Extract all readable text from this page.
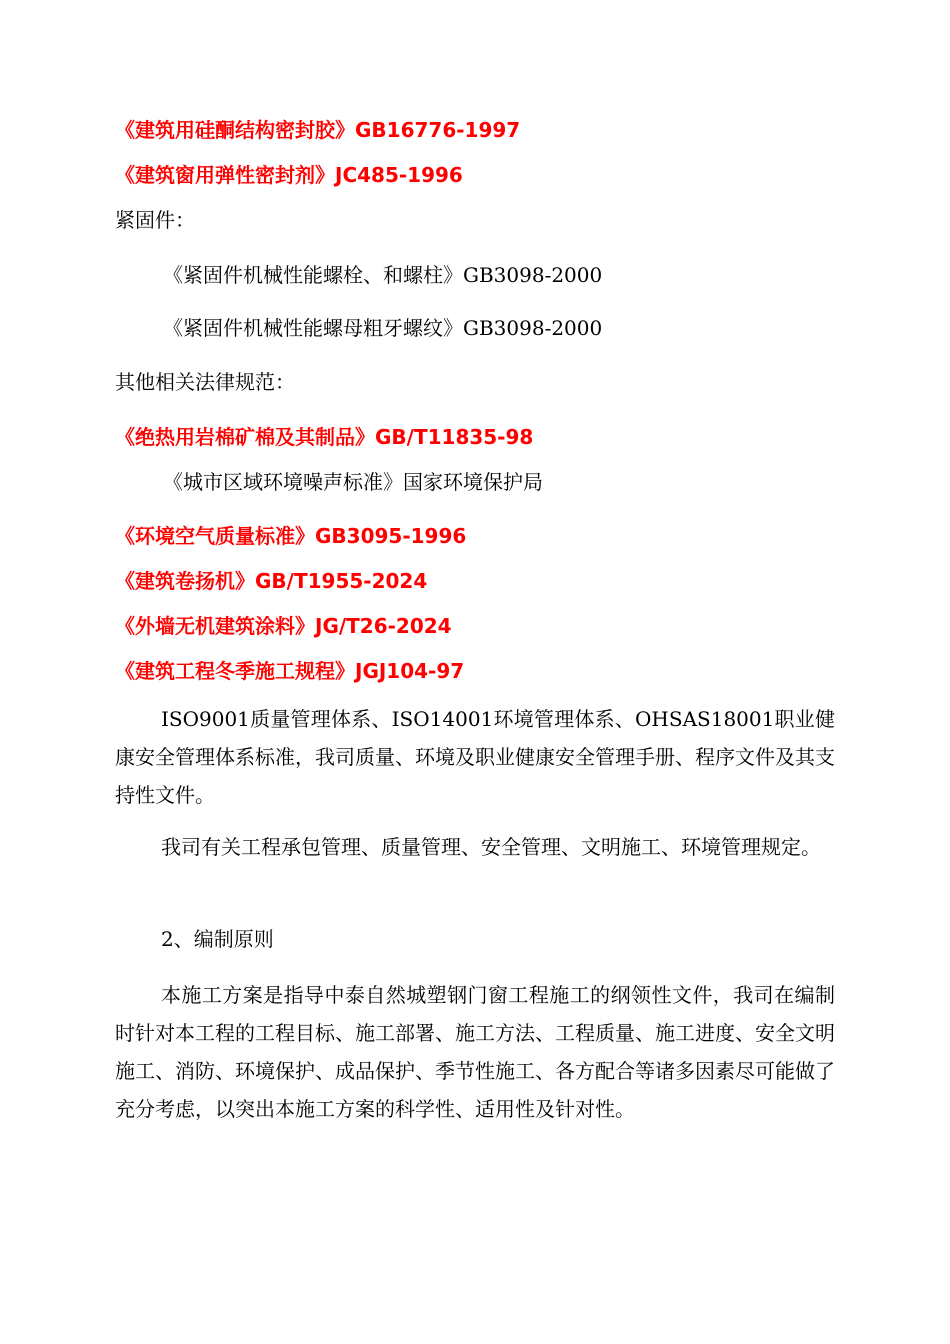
《建筑用硅酮结构密封胶》GB16776-1997
《建筑窗用弹性密封剂》JC485-1996
紧固件：
《紧固件机械性能螺栓、和螺柱》GB3098-2000
《紧固件机械性能螺母粗牙螺纹》GB3098-2000
其他相关法律规范：
《绝热用岩棉矿棉及其制品》GB/T11835-98
《城市区域环境噪声标准》国家环境保护局
《环境空气质量标准》GB3095-1996
《建筑卷扬机》GB/T1955-2024
《外墙无机建筑涂料》JG/T26-2024
《建筑工程冬季施工规程》JGJ104-97
ISO9001质量管理体系、ISO14001环境管理体系、OHSAS18001职业健康安全管理体系标准，我司质量、环境及职业健康安全管理手册、程序文件及其支持性文件。
我司有关工程承包管理、质量管理、安全管理、文明施工、环境管理规定。
2、编制原则
本施工方案是指导中泰自然城塑钢门窗工程施工的纲领性文件，我司在编制时针对本工程的工程目标、施工部署、施工方法、工程质量、施工进度、安全文明施工、消防、环境保护、成品保护、季节性施工、各方配合等诸多因素尽可能做了充分考虑，以突出本施工方案的科学性、适用性及针对性。
